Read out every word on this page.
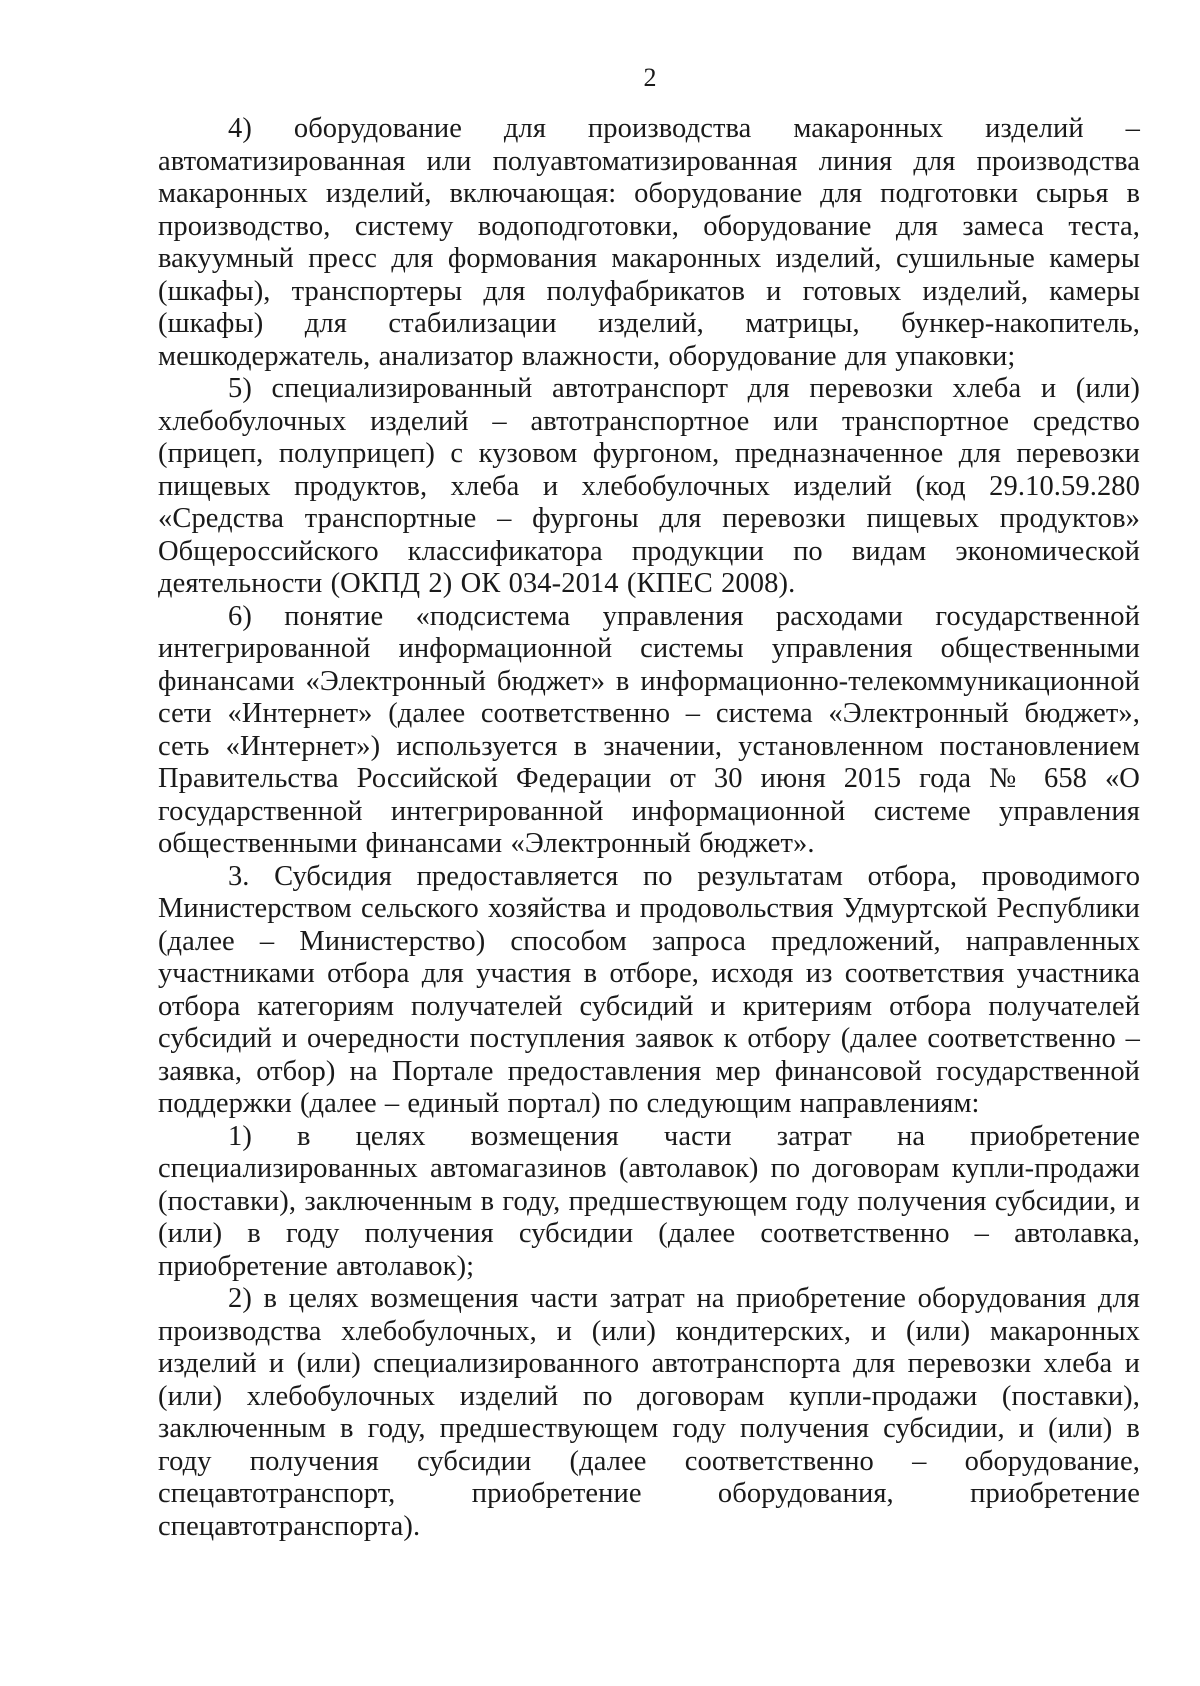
2

4) оборудование для производства макаронных изделий – автоматизированная или полуавтоматизированная линия для производства макаронных изделий, включающая: оборудование для подготовки сырья в производство, систему водоподготовки, оборудование для замеса теста, вакуумный пресс для формования макаронных изделий, сушильные камеры (шкафы), транспортеры для полуфабрикатов и готовых изделий, камеры (шкафы) для стабилизации изделий, матрицы, бункер-накопитель, мешкодержатель, анализатор влажности, оборудование для упаковки;

5) специализированный автотранспорт для перевозки хлеба и (или) хлебобулочных изделий – автотранспортное или транспортное средство (прицеп, полуприцеп) с кузовом фургоном, предназначенное для перевозки пищевых продуктов, хлеба и хлебобулочных изделий (код 29.10.59.280 «Средства транспортные – фургоны для перевозки пищевых продуктов» Общероссийского классификатора продукции по видам экономической деятельности (ОКПД 2) ОК 034-2014 (КПЕС 2008).

6) понятие «подсистема управления расходами государственной интегрированной информационной системы управления общественными финансами «Электронный бюджет» в информационно-телекоммуникационной сети «Интернет» (далее соответственно – система «Электронный бюджет», сеть «Интернет») используется в значении, установленном постановлением Правительства Российской Федерации от 30 июня 2015 года № 658 «О государственной интегрированной информационной системе управления общественными финансами «Электронный бюджет».

3. Субсидия предоставляется по результатам отбора, проводимого Министерством сельского хозяйства и продовольствия Удмуртской Республики (далее – Министерство) способом запроса предложений, направленных участниками отбора для участия в отборе, исходя из соответствия участника отбора категориям получателей субсидий и критериям отбора получателей субсидий и очередности поступления заявок к отбору (далее соответственно – заявка, отбор) на Портале предоставления мер финансовой государственной поддержки (далее – единый портал) по следующим направлениям:

1) в целях возмещения части затрат на приобретение специализированных автомагазинов (автолавок) по договорам купли-продажи (поставки), заключенным в году, предшествующем году получения субсидии, и (или) в году получения субсидии (далее соответственно – автолавка, приобретение автолавок);

2) в целях возмещения части затрат на приобретение оборудования для производства хлебобулочных, и (или) кондитерских, и (или) макаронных изделий и (или) специализированного автотранспорта для перевозки хлеба и (или) хлебобулочных изделий по договорам купли-продажи (поставки), заключенным в году, предшествующем году получения субсидии, и (или) в году получения субсидии (далее соответственно – оборудование, спецавтотранспорт, приобретение оборудования, приобретение спецавтотранспорта).
